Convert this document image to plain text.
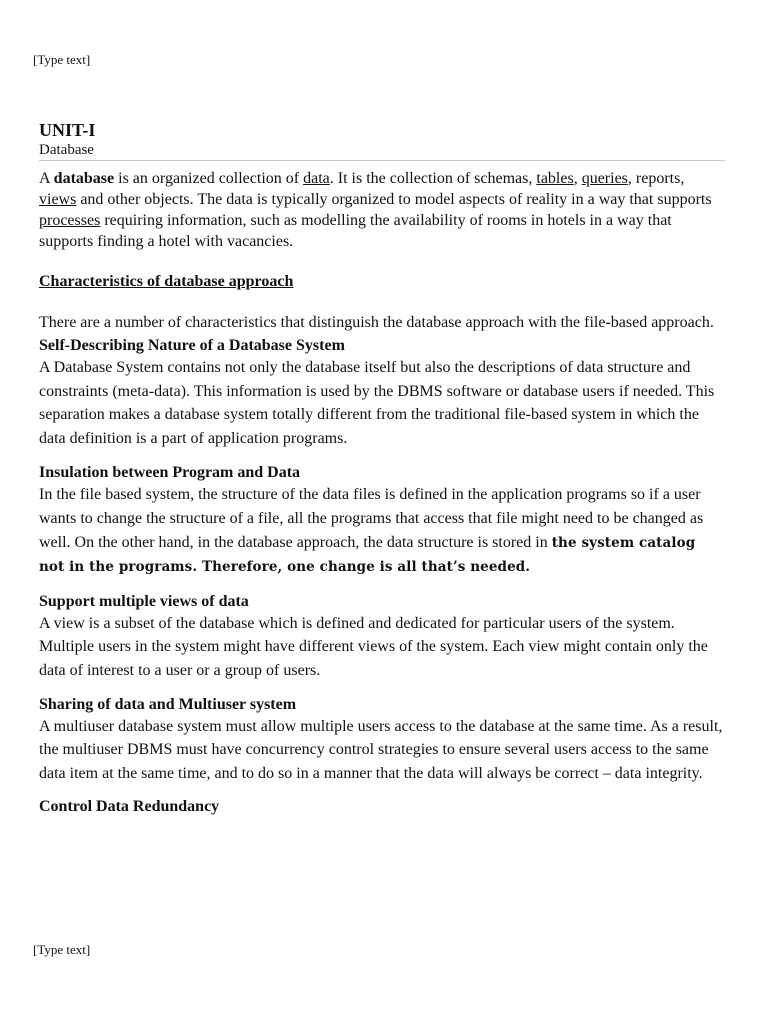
[Type text]
UNIT-I
Database

A database is an organized collection of data. It is the collection of schemas, tables, queries, reports, views and other objects. The data is typically organized to model aspects of reality in a way that supports processes requiring information, such as modelling the availability of rooms in hotels in a way that supports finding a hotel with vacancies.

Characteristics of database approach

There are a number of characteristics that distinguish the database approach with the file-based approach.

Self-Describing Nature of a Database System

A Database System contains not only the database itself but also the descriptions of data structure and constraints (meta-data). This information is used by the DBMS software or database users if needed. This separation makes a database system totally different from the traditional file-based system in which the data definition is a part of application programs.

Insulation between Program and Data

In the file based system, the structure of the data files is defined in the application programs so if a user wants to change the structure of a file, all the programs that access that file might need to be changed as well. On the other hand, in the database approach, the data structure is stored in the system catalog not in the programs. Therefore, one change is all that’s needed.

Support multiple views of data

A view is a subset of the database which is defined and dedicated for particular users of the system. Multiple users in the system might have different views of the system. Each view might contain only the data of interest to a user or a group of users.

Sharing of data and Multiuser system

A multiuser database system must allow multiple users access to the database at the same time. As a result, the multiuser DBMS must have concurrency control strategies to ensure several users access to the same data item at the same time, and to do so in a manner that the data will always be correct – data integrity.

Control Data Redundancy
[Type text]
